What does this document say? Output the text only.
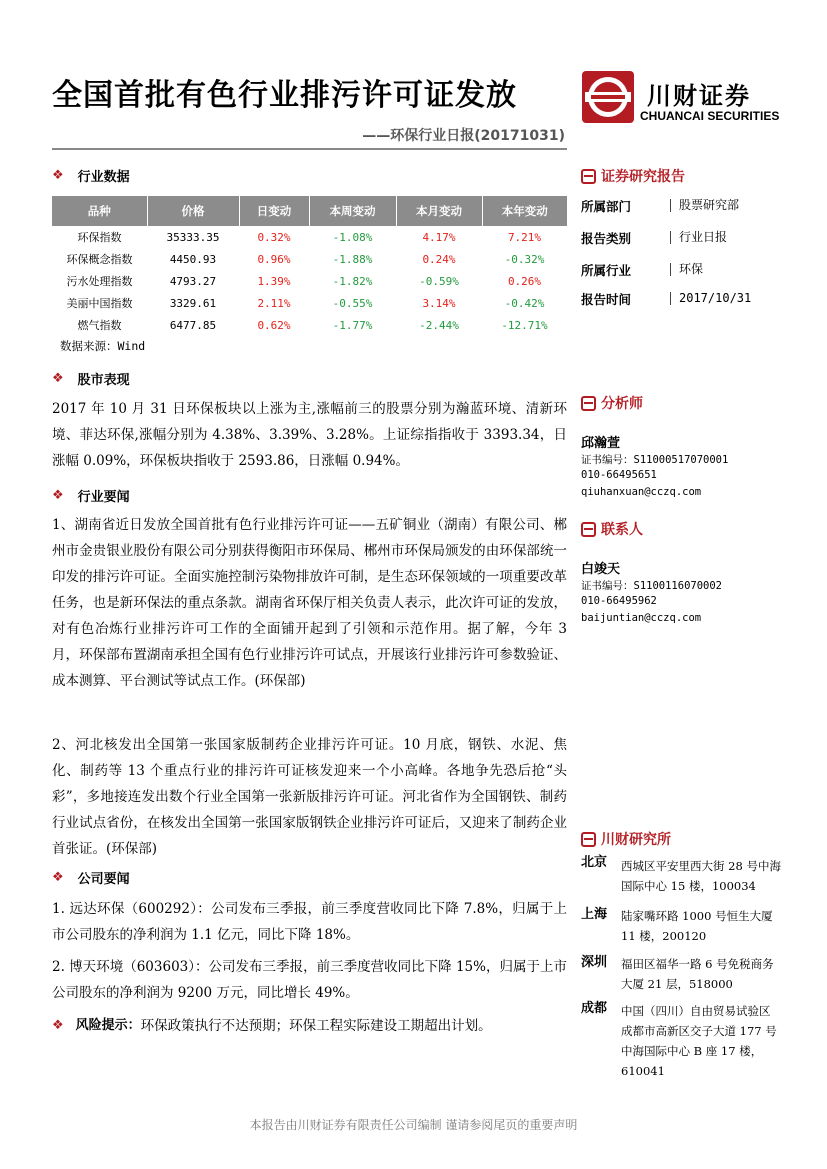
全国首批有色行业排污许可证发放
——环保行业日报(20171031)
川财证券
CHUANCAI SECURITIES
❖ 行业数据
品种	价格	日变动	本周变动	本月变动	本年变动
环保指数	35333.35	0.32%	-1.08%	4.17%	7.21%
环保概念指数	4450.93	0.96%	-1.88%	0.24%	-0.32%
污水处理指数	4793.27	1.39%	-1.82%	-0.59%	0.26%
美丽中国指数	3329.61	2.11%	-0.55%	3.14%	-0.42%
燃气指数	6477.85	0.62%	-1.77%	-2.44%	-12.71%
数据来源：Wind
❖ 股市表现
2017 年 10 月 31 日环保板块以上涨为主,涨幅前三的股票分别为瀚蓝环境、清新环境、菲达环保,涨幅分别为 4.38%、3.39%、3.28%。上证综指指收于 3393.34，日涨幅 0.09%，环保板块指收于 2593.86，日涨幅 0.94%。
❖ 行业要闻
1、湖南省近日发放全国首批有色行业排污许可证——五矿铜业（湖南）有限公司、郴州市金贵银业股份有限公司分别获得衡阳市环保局、郴州市环保局颁发的由环保部统一印发的排污许可证。全面实施控制污染物排放许可制，是生态环保领域的一项重要改革任务，也是新环保法的重点条款。湖南省环保厅相关负责人表示，此次许可证的发放，对有色冶炼行业排污许可工作的全面铺开起到了引领和示范作用。据了解，今年 3 月，环保部布置湖南承担全国有色行业排污许可试点，开展该行业排污许可参数验证、成本测算、平台测试等试点工作。(环保部)
2、河北核发出全国第一张国家版制药企业排污许可证。10 月底，钢铁、水泥、焦化、制药等 13 个重点行业的排污许可证核发迎来一个小高峰。各地争先恐后抢“头彩”，多地接连发出数个行业全国第一张新版排污许可证。河北省作为全国钢铁、制药行业试点省份，在核发出全国第一张国家版钢铁企业排污许可证后，又迎来了制药企业首张证。(环保部)
❖ 公司要闻
1. 远达环保（600292）：公司发布三季报，前三季度营收同比下降 7.8%，归属于上市公司股东的净利润为 1.1 亿元，同比下降 18%。
2. 博天环境（603603）：公司发布三季报，前三季度营收同比下降 15%，归属于上市公司股东的净利润为 9200 万元，同比增长 49%。
❖ 风险提示： 环保政策执行不达预期；环保工程实际建设工期超出计划。
证券研究报告
所属部门	股票研究部
报告类别	行业日报
所属行业	环保
报告时间	2017/10/31
分析师
邱瀚萱
证书编号：S1100051707000​1
010-66495651
qiuhanxuan@cczq.com
联系人
白竣天
证书编号：S1100116070002
010-66495962
baijuntian@cczq.com
川财研究所
北京 西城区平安里西大街 28 号中海国际中心 15 楼，100034
上海 陆家嘴环路 1000 号恒生大厦 11 楼，200120
深圳 福田区福华一路 6 号免税商务大厦 21 层，518000
成都 中国（四川）自由贸易试验区成都市高新区交子大道 177 号中海国际中心 B 座 17 楼，610041
本报告由川财证券有限责任公司编制 谨请参阅尾页的重要声明
